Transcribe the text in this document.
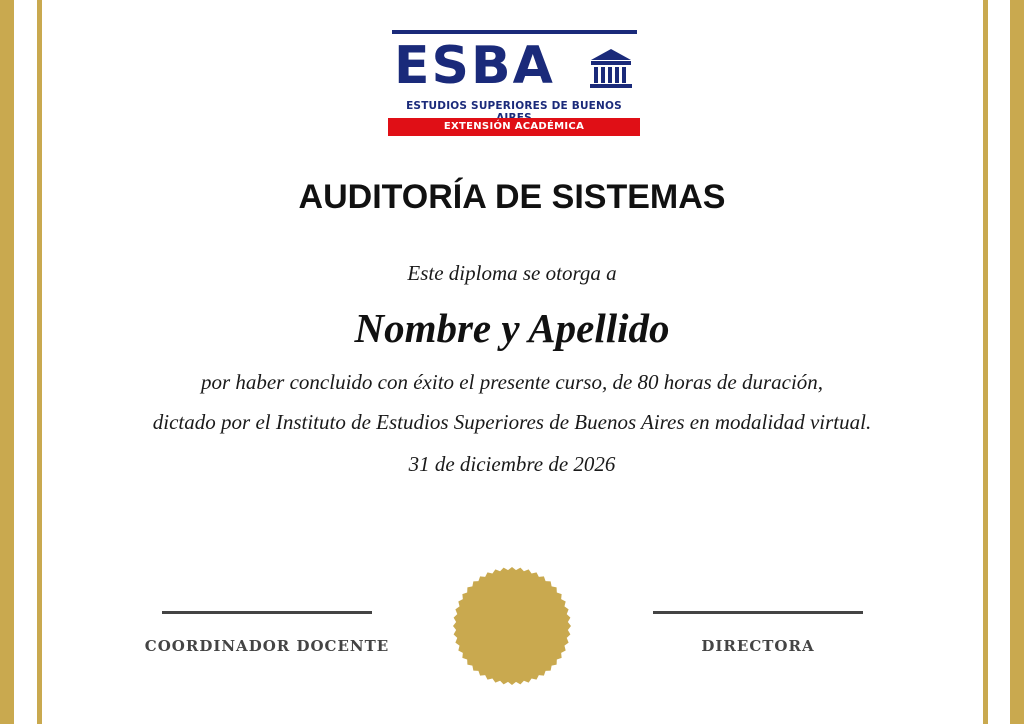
ESBA
ESTUDIOS SUPERIORES DE BUENOS
EXTENSIÓN ACADÉMICA
AUDITORÍA DE SISTEMAS
Este diploma se otorga a
Nombre y Apellido
por haber concluido con éxito el presente curso, de 80 horas de duración,
dictado por el Instituto de Estudios Superiores de Buenos Aires en modalidad virtual.
31 de diciembre de 2026
COORDINADOR DOCENTE	DIRECTORA
